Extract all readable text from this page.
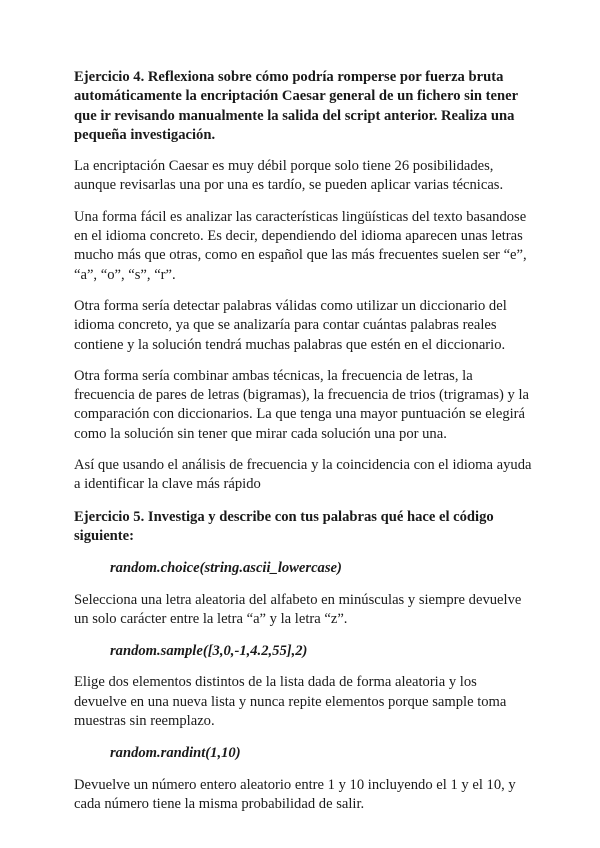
Ejercicio 4. Reflexiona sobre cómo podría romperse por fuerza bruta automáticamente la encriptación Caesar general de un fichero sin tener que ir revisando manualmente la salida del script anterior. Realiza una pequeña investigación.

La encriptación Caesar es muy débil porque solo tiene 26 posibilidades, aunque revisarlas una por una es tardío, se pueden aplicar varias técnicas.

Una forma fácil es analizar las características lingüísticas del texto basandose en el idioma concreto. Es decir, dependiendo del idioma aparecen unas letras mucho más que otras, como en español que las más frecuentes suelen ser “e”, “a”, “o”, “s”, “r”.

Otra forma sería detectar palabras válidas como utilizar un diccionario del idioma concreto, ya que se analizaría para contar cuántas palabras reales contiene y la solución tendrá muchas palabras que estén en el diccionario.

Otra forma sería combinar ambas técnicas, la frecuencia de letras, la frecuencia de pares de letras (bigramas), la frecuencia de trios (trigramas) y la comparación con diccionarios. La que tenga una mayor puntuación se elegirá como la solución sin tener que mirar cada solución una por una.

Así que usando el análisis de frecuencia y la coincidencia con el idioma ayuda a identificar la clave más rápido

Ejercicio 5. Investiga y describe con tus palabras qué hace el código siguiente:

random.choice(string.ascii_lowercase)

Selecciona una letra aleatoria del alfabeto en minúsculas y siempre devuelve un solo carácter entre la letra “a” y la letra “z”.

random.sample([3,0,-1,4.2,55],2)

Elige dos elementos distintos de la lista dada de forma aleatoria y los devuelve en una nueva lista y nunca repite elementos porque sample toma muestras sin reemplazo.

random.randint(1,10)

Devuelve un número entero aleatorio entre 1 y 10 incluyendo el 1 y el 10, y cada número tiene la misma probabilidad de salir.
